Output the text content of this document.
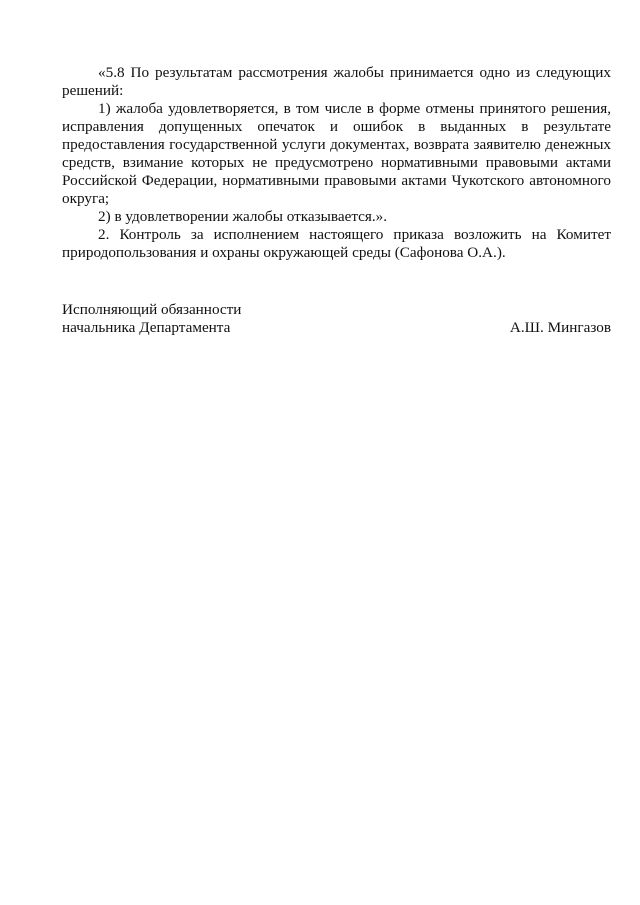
«5.8 По результатам рассмотрения жалобы принимается одно из следующих решений:

1) жалоба удовлетворяется, в том числе в форме отмены принятого решения, исправления допущенных опечаток и ошибок в выданных в результате предоставления государственной услуги документах, возврата заявителю денежных средств, взимание которых не предусмотрено нормативными правовыми актами Российской Федерации, нормативными правовыми актами Чукотского автономного округа;

2) в удовлетворении жалобы отказывается.».

2. Контроль за исполнением настоящего приказа возложить на Комитет природопользования и охраны окружающей среды (Сафонова О.А.).

Исполняющий обязанности
начальника Департамента	А.Ш. Мингазов
